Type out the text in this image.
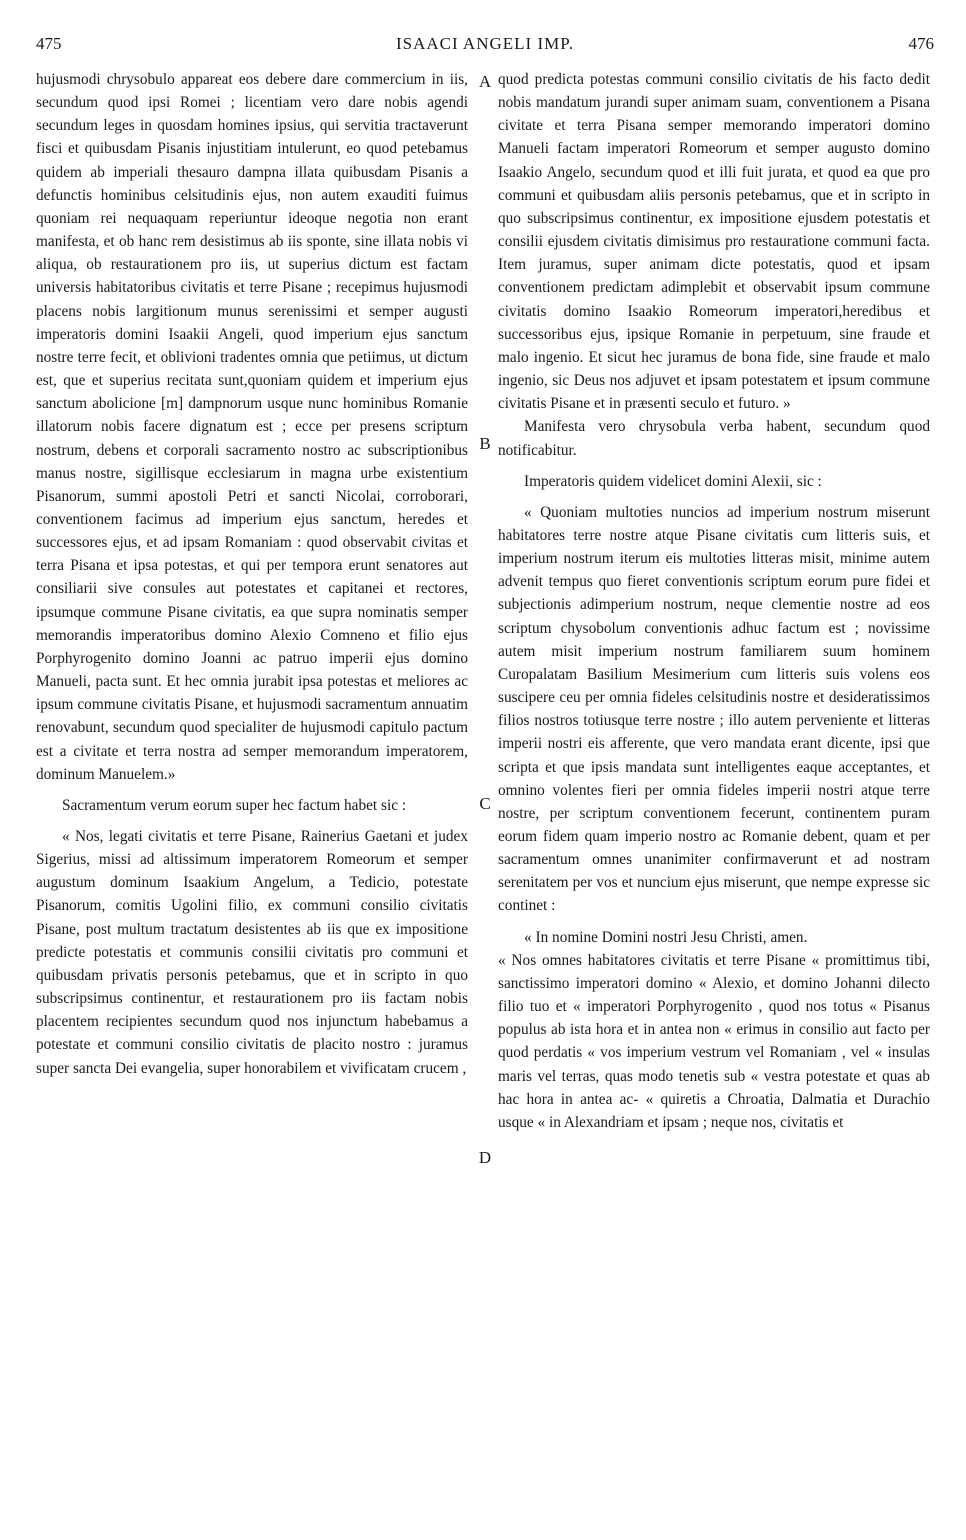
475	ISAACI ANGELI IMP.	476

hujusmodi chrysobulo appareat eos debere dare commercium in iis, secundum quod ipsi Romei ; licentiam vero dare nobis agendi secundum leges in quosdam homines ipsius, qui servitia tractaverunt fisci et quibusdam Pisanis injustitiam intulerunt, eo quod petebamus quidem ab imperiali thesauro dampna illata quibusdam Pisanis a defunctis hominibus celsitudinis ejus, non autem exauditi fuimus quoniam rei nequaquam reperiuntur ideoque negotia non erant manifesta, et ob hanc rem desistimus ab iis sponte, sine illata nobis vi aliqua, ob restaurationem pro iis, ut superius dictum est factam universis habitatoribus civitatis et terre Pisane ; recepimus hujusmodi placens nobis largitionum munus serenissimi et semper augusti imperatoris domini Isaakii Angeli, quod imperium ejus sanctum nostre terre fecit, et oblivioni tradentes omnia que petiimus, ut dictum est, que et superius recitata sunt,quoniam quidem et imperium ejus sanctum abolicione [m] dampnorum usque nunc hominibus Romanie illatorum nobis facere dignatum est ; ecce per presens scriptum nostrum, debens et corporali sacramento nostro ac subscriptionibus manus nostre, sigillisque ecclesiarum in magna urbe existentium Pisanorum, summi apostoli Petri et sancti Nicolai, corroborari, conventionem facimus ad imperium ejus sanctum, heredes et successores ejus, et ad ipsam Romaniam : quod observabit civitas et terra Pisana et ipsa potestas, et qui per tempora erunt senatores aut consiliarii sive consules aut potestates et capitanei et rectores, ipsumque commune Pisane civitatis, ea que supra nominatis semper memorandis imperatoribus domino Alexio Comneno et filio ejus Porphyrogenito domino Joanni ac patruo imperii ejus domino Manueli, pacta sunt. Et hec omnia jurabit ipsa potestas et meliores ac ipsum commune civitatis Pisane, et hujusmodi sacramentum annuatim renovabunt, secundum quod specialiter de hujusmodi capitulo pactum est a civitate et terra nostra ad semper memorandum imperatorem, dominum Manuelem.»

Sacramentum verum eorum super hec factum habet sic :

« Nos, legati civitatis et terre Pisane, Rainerius Gaetani et judex Sigerius, missi ad altissimum imperatorem Romeorum et semper augustum dominum Isaakium Angelum, a Tedicio, potestate Pisanorum, comitis Ugolini filio, ex communi consilio civitatis Pisane, post multum tractatum desistentes ab iis que ex impositione predicte potestatis et communis consilii civitatis pro communi et quibusdam privatis personis petebamus, que et in scripto in quo subscripsimus continentur, et restaurationem pro iis factam nobis placentem recipientes secundum quod nos injunctum habebamus a potestate et communi consilio civitatis de placito nostro : juramus super sancta Dei evangelia, super honorabilem et vivificatam crucem ,

A
B
C
D

quod predicta potestas communi consilio civitatis de his facto dedit nobis mandatum jurandi super animam suam, conventionem a Pisana civitate et terra Pisana semper memorando imperatori domino Manueli factam imperatori Romeorum et semper augusto domino Isaakio Angelo, secundum quod et illi fuit jurata, et quod ea que pro communi et quibusdam aliis personis petebamus, que et in scripto in quo subscripsimus continentur, ex impositione ejusdem potestatis et consilii ejusdem civitatis dimisimus pro restauratione communi facta. Item juramus, super animam dicte potestatis, quod et ipsam conventionem predictam adimplebit et observabit ipsum commune civitatis domino Isaakio Romeorum imperatori,heredibus et successoribus ejus, ipsique Romanie in perpetuum, sine fraude et malo ingenio. Et sicut hec juramus de bona fide, sine fraude et malo ingenio, sic Deus nos adjuvet et ipsam potestatem et ipsum commune civitatis Pisane et in præsenti seculo et futuro. »

Manifesta vero chrysobula verba habent, secundum quod notificabitur.

Imperatoris quidem videlicet domini Alexii, sic :

« Quoniam multoties nuncios ad imperium nostrum miserunt habitatores terre nostre atque Pisane civitatis cum litteris suis, et imperium nostrum iterum eis multoties litteras misit, minime autem advenit tempus quo fieret conventionis scriptum eorum pure fidei et subjectionis adimperium nostrum, neque clementie nostre ad eos scriptum chysobolum conventionis adhuc factum est ; novissime autem misit imperium nostrum familiarem suum hominem Curopalatam Basilium Mesimerium cum litteris suis volens eos suscipere ceu per omnia fideles celsitudinis nostre et desideratissimos filios nostros totiusque terre nostre ; illo autem perveniente et litteras imperii nostri eis afferente, que vero mandata erant dicente, ipsi que scripta et que ipsis mandata sunt intelligentes eaque acceptantes, et omnino volentes fieri per omnia fideles imperii nostri atque terre nostre, per scriptum conventionem fecerunt, continentem puram eorum fidem quam imperio nostro ac Romanie debent, quam et per sacramentum omnes unanimiter confirmaverunt et ad nostram serenitatem per vos et nuncium ejus miserunt, que nempe expresse sic continet :

« In nomine Domini nostri Jesu Christi, amen.

« Nos omnes habitatores civitatis et terre Pisane « promittimus tibi, sanctissimo imperatori domino « Alexio, et domino Johanni dilecto filio tuo et « imperatori Porphyrogenito , quod nos totus « Pisanus populus ab ista hora et in antea non « erimus in consilio aut facto per quod perdatis « vos imperium vestrum vel Romaniam , vel « insulas maris vel terras, quas modo tenetis sub « vestra potestate et quas ab hac hora in antea ac- « quiretis a Chroatia, Dalmatia et Durachio usque « in Alexandriam et ipsam ; neque nos, civitatis et
